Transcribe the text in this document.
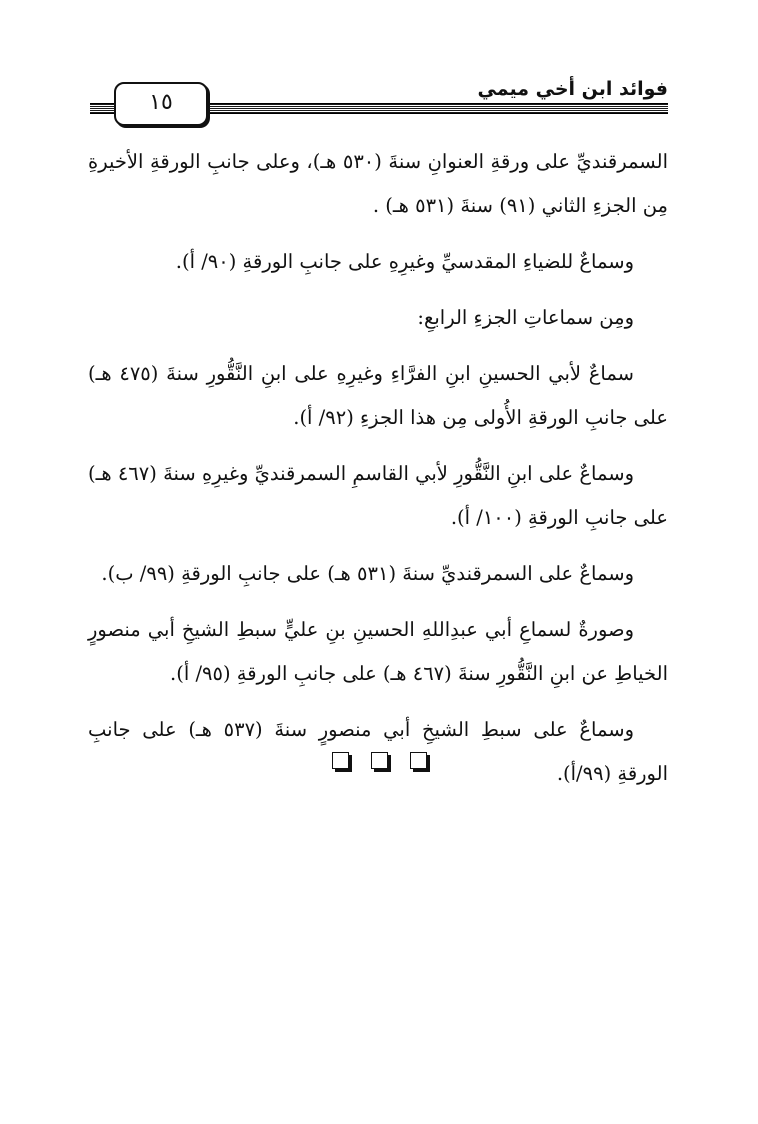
١٥
فوائد ابن أخي ميمي

السمرقنديِّ على ورقةِ العنوانِ سنةَ (٥٣٠ هـ)، وعلى جانبِ الورقةِ الأخيرةِ مِن الجزءِ الثاني (٩١) سنةَ (٥٣١ هـ) .

وسماعٌ للضياءِ المقدسيِّ وغيرِهِ على جانبِ الورقةِ (٩٠/ أ).

ومِن سماعاتِ الجزءِ الرابعِ:

سماعٌ لأبي الحسينِ ابنِ الفرَّاءِ وغيرِهِ على ابنِ النَّقُّورِ سنةَ (٤٧٥ هـ) على جانبِ الورقةِ الأُولى مِن هذا الجزءِ (٩٢/ أ).

وسماعٌ على ابنِ النَّقُّورِ لأبي القاسمِ السمرقنديِّ وغيرِهِ سنةَ (٤٦٧ هـ) على جانبِ الورقةِ (١٠٠/ أ).

وسماعٌ على السمرقنديِّ سنةَ (٥٣١ هـ) على جانبِ الورقةِ (٩٩/ ب).

وصورةٌ لسماعِ أبي عبدِاللهِ الحسينِ بنِ عليٍّ سبطِ الشيخِ أبي منصورٍ الخياطِ عن ابنِ النَّقُّورِ سنةَ (٤٦٧ هـ) على جانبِ الورقةِ (٩٥/ أ).

وسماعٌ على سبطِ الشيخِ أبي منصورٍ سنةَ (٥٣٧ هـ) على جانبِ الورقةِ (٩٩/أ).
